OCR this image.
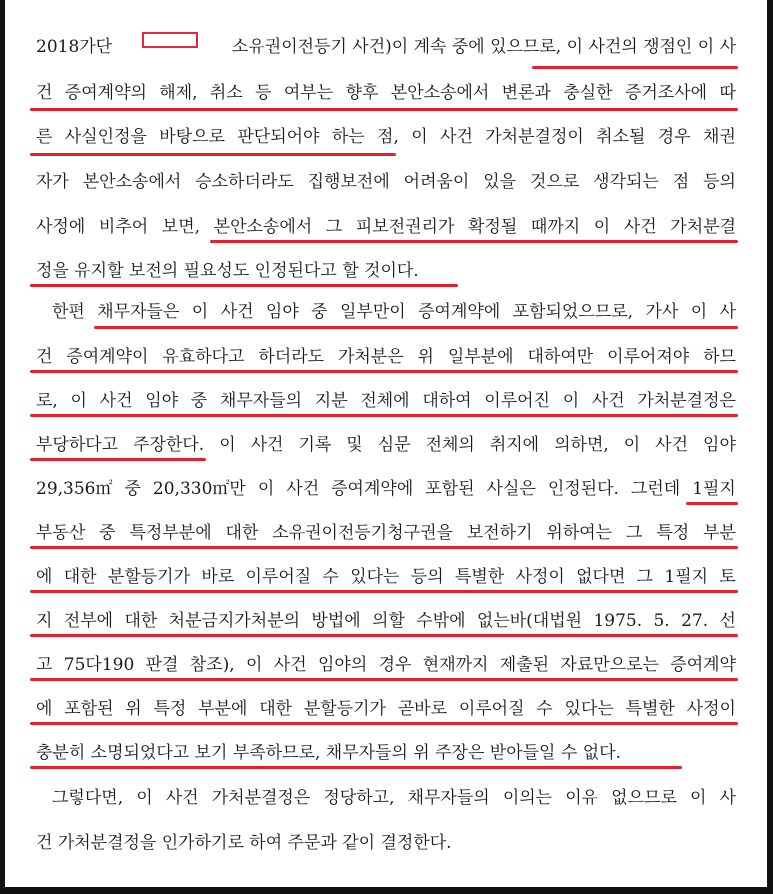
2018가단	소유권이전등기 사건)이 계속 중에 있으므로, 이 사건의 쟁점인 이 사
건 증여계약의 해제, 취소 등 여부는 향후 본안소송에서 변론과 충실한 증거조사에 따
른 사실인정을 바탕으로 판단되어야 하는 점, 이 사건 가처분결정이 취소될 경우 채권
자가 본안소송에서 승소하더라도 집행보전에 어려움이 있을 것으로 생각되는 점 등의
사정에 비추어 보면, 본안소송에서 그 피보전권리가 확정될 때까지 이 사건 가처분결
정을 유지할 보전의 필요성도 인정된다고 할 것이다.
한편 채무자들은 이 사건 임야 중 일부만이 증여계약에 포함되었으므로, 가사 이 사
건 증여계약이 유효하다고 하더라도 가처분은 위 일부분에 대하여만 이루어져야 하므
로, 이 사건 임야 중 채무자들의 지분 전체에 대하여 이루어진 이 사건 가처분결정은
부당하다고 주장한다. 이 사건 기록 및 심문 전체의 취지에 의하면, 이 사건 임야
29,356㎡ 중 20,330㎡만 이 사건 증여계약에 포함된 사실은 인정된다. 그런데 1필지
부동산 중 특정부분에 대한 소유권이전등기청구권을 보전하기 위하여는 그 특정 부분
에 대한 분할등기가 바로 이루어질 수 있다는 등의 특별한 사정이 없다면 그 1필지 토
지 전부에 대한 처분금지가처분의 방법에 의할 수밖에 없는바(대법원 1975. 5. 27. 선
고 75다190 판결 참조), 이 사건 임야의 경우 현재까지 제출된 자료만으로는 증여계약
에 포함된 위 특정 부분에 대한 분할등기가 곧바로 이루어질 수 있다는 특별한 사정이
충분히 소명되었다고 보기 부족하므로, 채무자들의 위 주장은 받아들일 수 없다.
그렇다면, 이 사건 가처분결정은 정당하고, 채무자들의 이의는 이유 없으므로 이 사
건 가처분결정을 인가하기로 하여 주문과 같이 결정한다.
